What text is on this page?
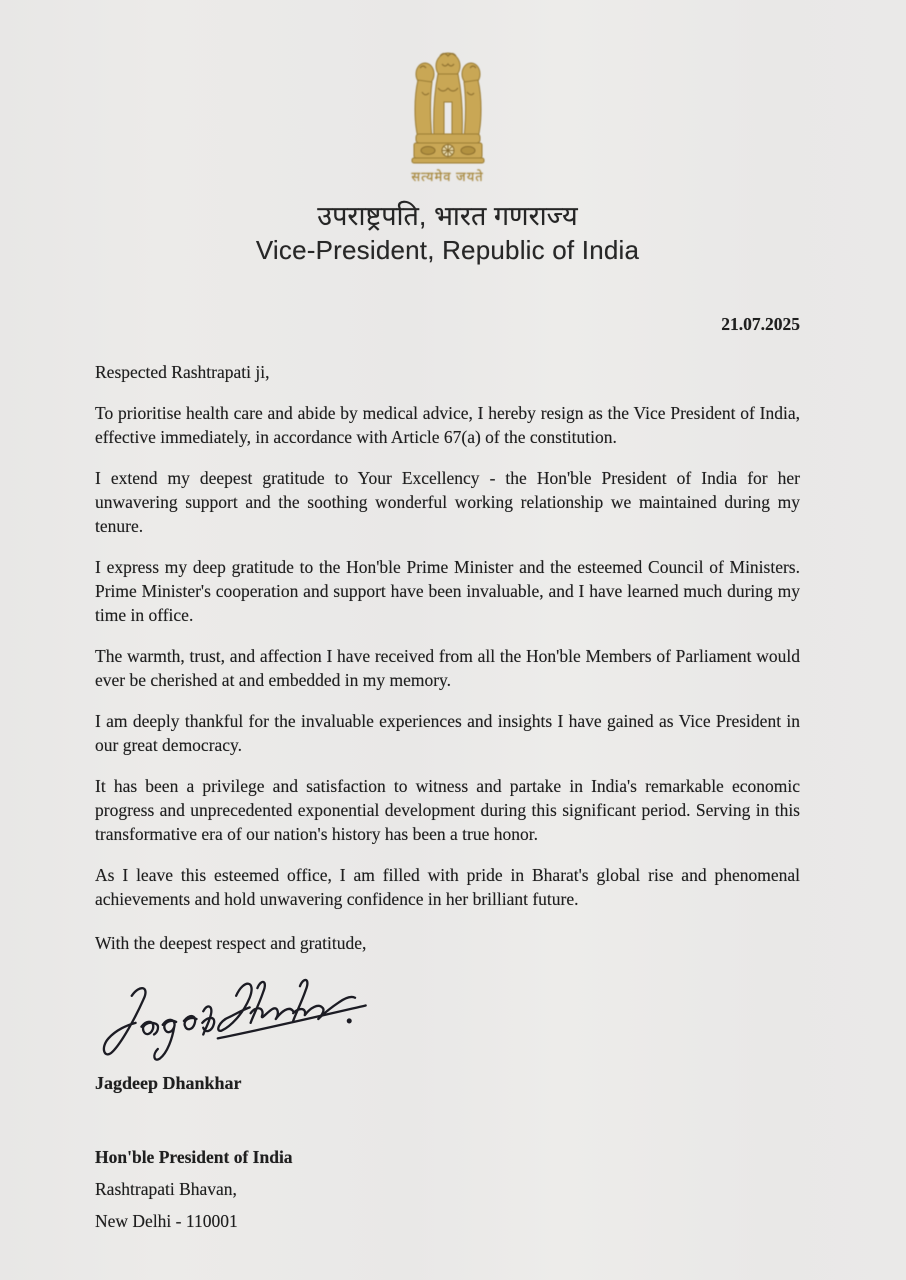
सत्यमेव जयते
उपराष्ट्रपति, भारत गणराज्य
Vice-President, Republic of India
21.07.2025
Respected Rashtrapati ji,

To prioritise health care and abide by medical advice, I hereby resign as the Vice President of India, effective immediately, in accordance with Article 67(a) of the constitution.

I extend my deepest gratitude to Your Excellency - the Hon'ble President of India for her unwavering support and the soothing wonderful working relationship we maintained during my tenure.

I express my deep gratitude to the Hon'ble Prime Minister and the esteemed Council of Ministers. Prime Minister's cooperation and support have been invaluable, and I have learned much during my time in office.

The warmth, trust, and affection I have received from all the Hon'ble Members of Parliament would ever be cherished at and embedded in my memory.

I am deeply thankful for the invaluable experiences and insights I have gained as Vice President in our great democracy.

It has been a privilege and satisfaction to witness and partake in India's remarkable economic progress and unprecedented exponential development during this significant period. Serving in this transformative era of our nation's history has been a true honor.

As I leave this esteemed office, I am filled with pride in Bharat's global rise and phenomenal achievements and hold unwavering confidence in her brilliant future.

With the deepest respect and gratitude,
Jagdeep Dhankhar
Hon'ble President of India
Rashtrapati Bhavan,
New Delhi - 110001
